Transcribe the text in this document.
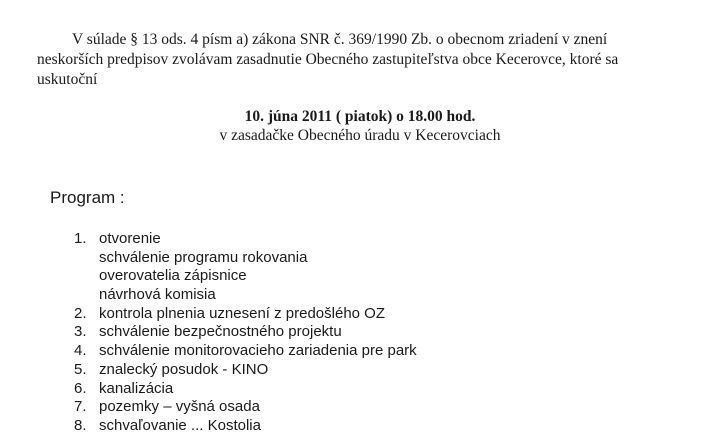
V súlade § 13 ods. 4 písm a) zákona SNR č. 369/1990 Zb. o obecnom zriadení v znení
neskorších predpisov zvolávam zasadnutie Obecného zastupiteľstva obce Kecerovce, ktoré sa
uskutoční
10. júna 2011 ( piatok) o 18.00 hod.
v zasadačke Obecného úradu v Kecerovciach
Program :
1. otvorenie
schválenie programu rokovania
overovatelia zápisnice
návrhová komisia
2. kontrola plnenia uznesení z predošlého OZ
3. schválenie bezpečnostného projektu
4. schválenie monitorovacieho zariadenia pre park
5. znalecký posudok - KINO
6. kanalizácia
7. pozemky – vyšná osada
8. schvaľovanie ... Kostolia
